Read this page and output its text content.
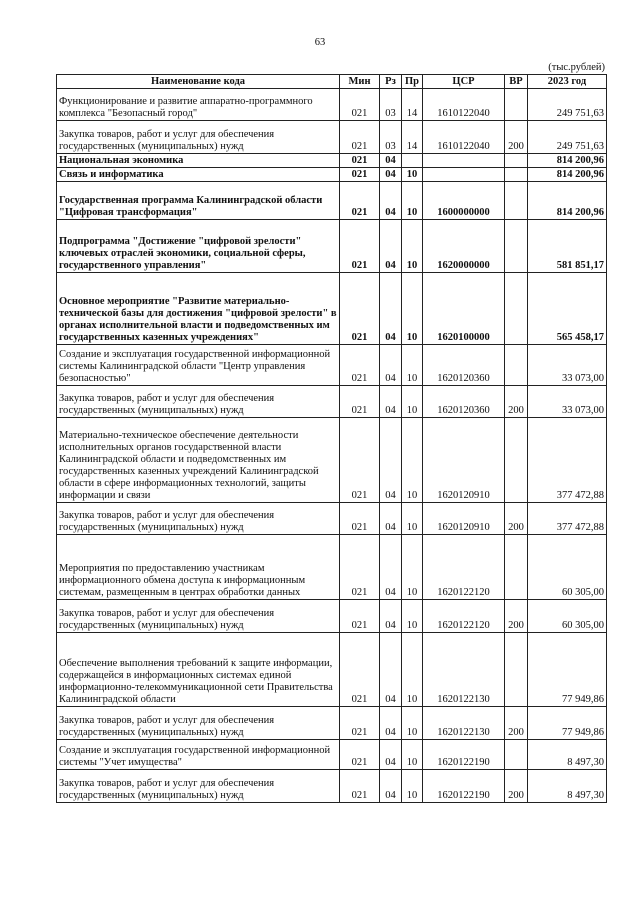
63
(тыс.рублей)
Наименование кода	Мин	Рз	Пр	ЦСР	ВР	2023 год
Функционирование и развитие аппаратно-программного комплекса "Безопасный город"	021	03	14	1610122040		249 751,63
Закупка товаров, работ и услуг для обеспечения государственных (муниципальных) нужд	021	03	14	1610122040	200	249 751,63
Национальная экономика	021	04				814 200,96
Связь и информатика	021	04	10			814 200,96
Государственная программа Калининградской области "Цифровая трансформация"	021	04	10	1600000000		814 200,96
Подпрограмма "Достижение "цифровой зрелости" ключевых отраслей экономики, социальной сферы, государственного управления"	021	04	10	1620000000		581 851,17
Основное мероприятие "Развитие материально-технической базы для достижения "цифровой зрелости" в органах исполнительной власти и подведомственных им государственных казенных учреждениях"	021	04	10	1620100000		565 458,17
Создание и эксплуатация государственной информационной системы Калининградской области "Центр управления безопасностью"	021	04	10	1620120360		33 073,00
Закупка товаров, работ и услуг для обеспечения государственных (муниципальных) нужд	021	04	10	1620120360	200	33 073,00
Материально-техническое обеспечение деятельности исполнительных органов государственной власти Калининградской области и подведомственных им государственных казенных учреждений Калининградской области в сфере информационных технологий, защиты информации и связи	021	04	10	1620120910		377 472,88
Закупка товаров, работ и услуг для обеспечения государственных (муниципальных) нужд	021	04	10	1620120910	200	377 472,88
Мероприятия по предоставлению участникам информационного обмена доступа к информационным системам, размещенным в центрах обработки данных	021	04	10	1620122120		60 305,00
Закупка товаров, работ и услуг для обеспечения государственных (муниципальных) нужд	021	04	10	1620122120	200	60 305,00
Обеспечение выполнения требований к защите информации, содержащейся в информационных системах единой информационно-телекоммуникационной сети Правительства Калининградской области	021	04	10	1620122130		77 949,86
Закупка товаров, работ и услуг для обеспечения государственных (муниципальных) нужд	021	04	10	1620122130	200	77 949,86
Создание и эксплуатация государственной информационной системы "Учет имущества"	021	04	10	1620122190		8 497,30
Закупка товаров, работ и услуг для обеспечения государственных (муниципальных) нужд	021	04	10	1620122190	200	8 497,30
